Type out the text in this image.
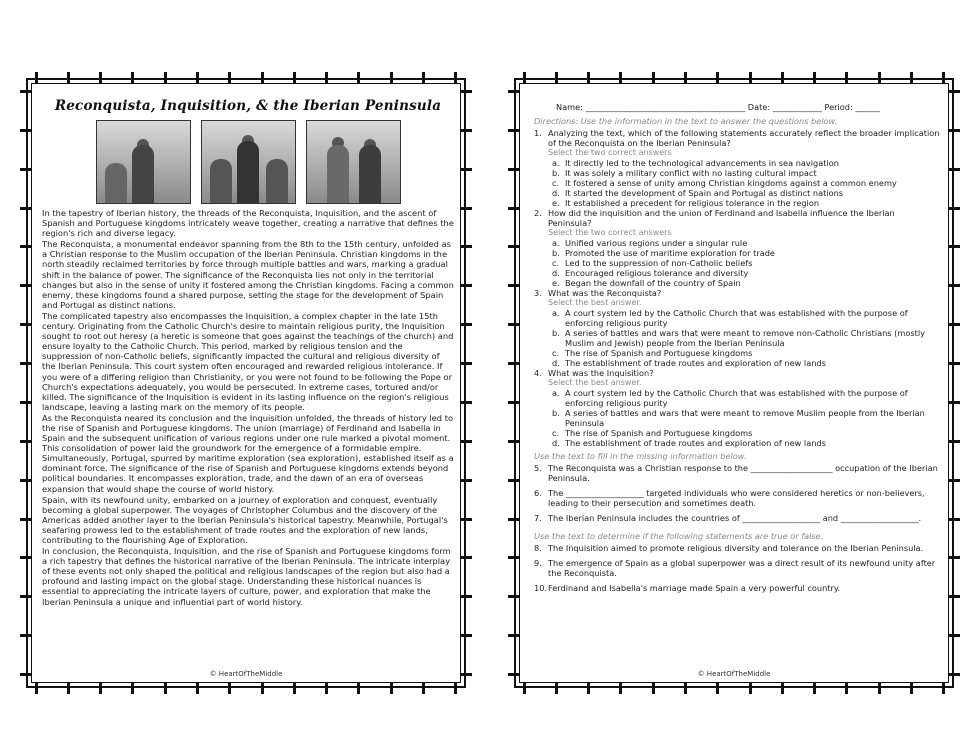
Reconquista, Inquisition, & the Iberian Peninsula

In the tapestry of Iberian history, the threads of the Reconquista, Inquisition, and the ascent of Spanish and Portuguese kingdoms intricately weave together, creating a narrative that defines the region's rich and diverse legacy.

The Reconquista, a monumental endeavor spanning from the 8th to the 15th century, unfolded as a Christian response to the Muslim occupation of the Iberian Peninsula. Christian kingdoms in the north steadily reclaimed territories by force through multiple battles and wars, marking a gradual shift in the balance of power. The significance of the Reconquista lies not only in the territorial changes but also in the sense of unity it fostered among the Christian kingdoms. Facing a common enemy, these kingdoms found a shared purpose, setting the stage for the development of Spain and Portugal as distinct nations.

The complicated tapestry also encompasses the Inquisition, a complex chapter in the late 15th century. Originating from the Catholic Church's desire to maintain religious purity, the Inquisition sought to root out heresy (a heretic is someone that goes against the teachings of the church) and ensure loyalty to the Catholic Church. This period, marked by religious tension and the suppression of non-Catholic beliefs, significantly impacted the cultural and religious diversity of the Iberian Peninsula. This court system often encouraged and rewarded religious intolerance. If you were of a differing religion than Christianity, or you were not found to be following the Pope or Church's expectations adequately, you would be persecuted. In extreme cases, tortured and/or killed. The significance of the Inquisition is evident in its lasting influence on the region's religious landscape, leaving a lasting mark on the memory of its people.

As the Reconquista neared its conclusion and the Inquisition unfolded, the threads of history led to the rise of Spanish and Portuguese kingdoms. The union (marriage) of Ferdinand and Isabella in Spain and the subsequent unification of various regions under one rule marked a pivotal moment. This consolidation of power laid the groundwork for the emergence of a formidable empire. Simultaneously, Portugal, spurred by maritime exploration (sea exploration), established itself as a dominant force. The significance of the rise of Spanish and Portuguese kingdoms extends beyond political boundaries. It encompasses exploration, trade, and the dawn of an era of overseas expansion that would shape the course of world history.

Spain, with its newfound unity, embarked on a journey of exploration and conquest, eventually becoming a global superpower. The voyages of Christopher Columbus and the discovery of the Americas added another layer to the Iberian Peninsula's historical tapestry. Meanwhile, Portugal's seafaring prowess led to the establishment of trade routes and the exploration of new lands, contributing to the flourishing Age of Exploration.

In conclusion, the Reconquista, Inquisition, and the rise of Spanish and Portuguese kingdoms form a rich tapestry that defines the historical narrative of the Iberian Peninsula. The intricate interplay of these events not only shaped the political and religious landscapes of the region but also had a profound and lasting impact on the global stage. Understanding these historical nuances is essential to appreciating the intricate layers of culture, power, and exploration that make the Iberian Peninsula a unique and influential part of world history.

© HeartOfTheMiddle
Name: _______________________________________ Date: ____________ Period: ______
Directions: Use the information in the text to answer the questions below.
1. Analyzing the text, which of the following statements accurately reflect the broader implication of the Reconquista on the Iberian Peninsula?
Select the two correct answers
a. It directly led to the technological advancements in sea navigation
b. It was solely a military conflict with no lasting cultural impact
c. It fostered a sense of unity among Christian kingdoms against a common enemy
d. It started the development of Spain and Portugal as distinct nations
e. It established a precedent for religious tolerance in the region
2. How did the inquisition and the union of Ferdinand and Isabella influence the Iberian Peninsula?
Select the two correct answers
a. Unified various regions under a singular rule
b. Promoted the use of maritime exploration for trade
c. Led to the suppression of non-Catholic beliefs
d. Encouraged religious tolerance and diversity
e. Began the downfall of the country of Spain
3. What was the Reconquista?
Select the best answer.
a. A court system led by the Catholic Church that was established with the purpose of enforcing religious purity
b. A series of battles and wars that were meant to remove non-Catholic Christians (mostly Muslim and Jewish) people from the Iberian Peninsula
c. The rise of Spanish and Portuguese kingdoms
d. The establishment of trade routes and exploration of new lands
4. What was the Inquisition?
Select the best answer.
a. A court system led by the Catholic Church that was established with the purpose of enforcing religious purity
b. A series of battles and wars that were meant to remove Muslim people from the Iberian Peninsula
c. The rise of Spanish and Portuguese kingdoms
d. The establishment of trade routes and exploration of new lands
Use the text to fill in the missing information below.
5. The Reconquista was a Christian response to the ____________________ occupation of the Iberian Peninsula.
6. The ___________________ targeted individuals who were considered heretics or non-believers, leading to their persecution and sometimes death.
7. The Iberian Peninsula includes the countries of ___________________ and ___________________.
Use the text to determine if the following statements are true or false.
8. The Inquisition aimed to promote religious diversity and tolerance on the Iberian Peninsula.
9. The emergence of Spain as a global superpower was a direct result of its newfound unity after the Reconquista.
10. Ferdinand and Isabella's marriage made Spain a very powerful country.
© HeartOfTheMiddle
